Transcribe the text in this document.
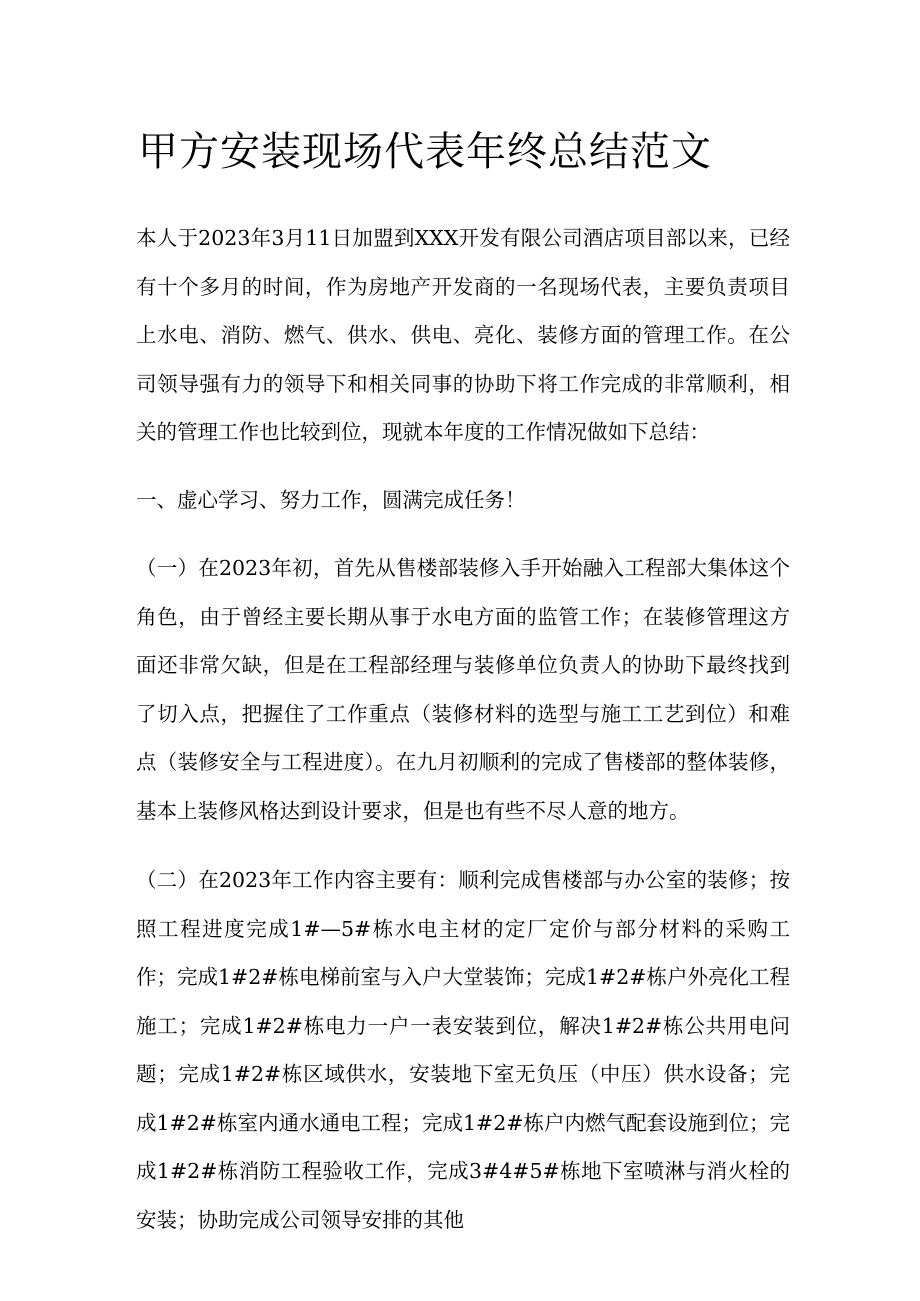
甲方安装现场代表年终总结范文

本人于2023年3月11日加盟到XXX开发有限公司酒店项目部以来，已经有十个多月的时间，作为房地产开发商的一名现场代表，主要负责项目上水电、消防、燃气、供水、供电、亮化、装修方面的管理工作。在公司领导强有力的领导下和相关同事的协助下将工作完成的非常顺利，相关的管理工作也比较到位，现就本年度的工作情况做如下总结：

一、虚心学习、努力工作，圆满完成任务！

（一）在2023年初，首先从售楼部装修入手开始融入工程部大集体这个角色，由于曾经主要长期从事于水电方面的监管工作；在装修管理这方面还非常欠缺，但是在工程部经理与装修单位负责人的协助下最终找到了切入点，把握住了工作重点（装修材料的选型与施工工艺到位）和难点（装修安全与工程进度）。在九月初顺利的完成了售楼部的整体装修，基本上装修风格达到设计要求，但是也有些不尽人意的地方。

（二）在2023年工作内容主要有：顺利完成售楼部与办公室的装修；按照工程进度完成1#—5#栋水电主材的定厂定价与部分材料的采购工作；完成1#2#栋电梯前室与入户大堂装饰；完成1#2#栋户外亮化工程施工；完成1#2#栋电力一户一表安装到位，解决1#2#栋公共用电问题；完成1#2#栋区域供水，安装地下室无负压（中压）供水设备；完成1#2#栋室内通水通电工程；完成1#2#栋户内燃气配套设施到位；完成1#2#栋消防工程验收工作，完成3#4#5#栋地下室喷淋与消火栓的安装；协助完成公司领导安排的其他
